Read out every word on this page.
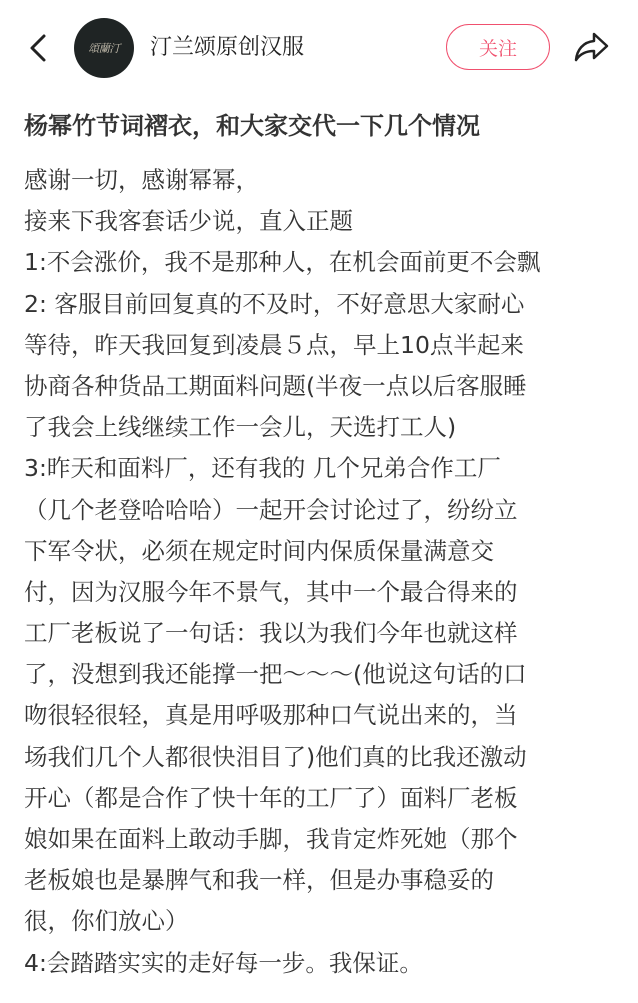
頌蘭汀 汀兰颂原创汉服	关注
杨幂竹节词褶衣，和大家交代一下几个情况
感谢一切，感谢幂幂，
接来下我客套话少说，直入正题
1:不会涨价，我不是那种人，在机会面前更不会飘
2: 客服目前回复真的不及时，不好意思大家耐心
等待，昨天我回复到凌晨５点，早上10点半起来
协商各种货品工期面料问题(半夜一点以后客服睡
了我会上线继续工作一会儿，天选打工人)
3:昨天和面料厂，还有我的 几个兄弟合作工厂
（几个老登哈哈哈）一起开会讨论过了，纷纷立
下军令状，必须在规定时间内保质保量满意交
付，因为汉服今年不景气，其中一个最合得来的
工厂老板说了一句话：我以为我们今年也就这样
了，没想到我还能撑一把～～～(他说这句话的口
吻很轻很轻，真是用呼吸那种口气说出来的，当
场我们几个人都很快泪目了)他们真的比我还激动
开心（都是合作了快十年的工厂了）面料厂老板
娘如果在面料上敢动手脚，我肯定炸死她（那个
老板娘也是暴脾气和我一样，但是办事稳妥的
很，你们放心）
4:会踏踏实实的走好每一步。我保证。
